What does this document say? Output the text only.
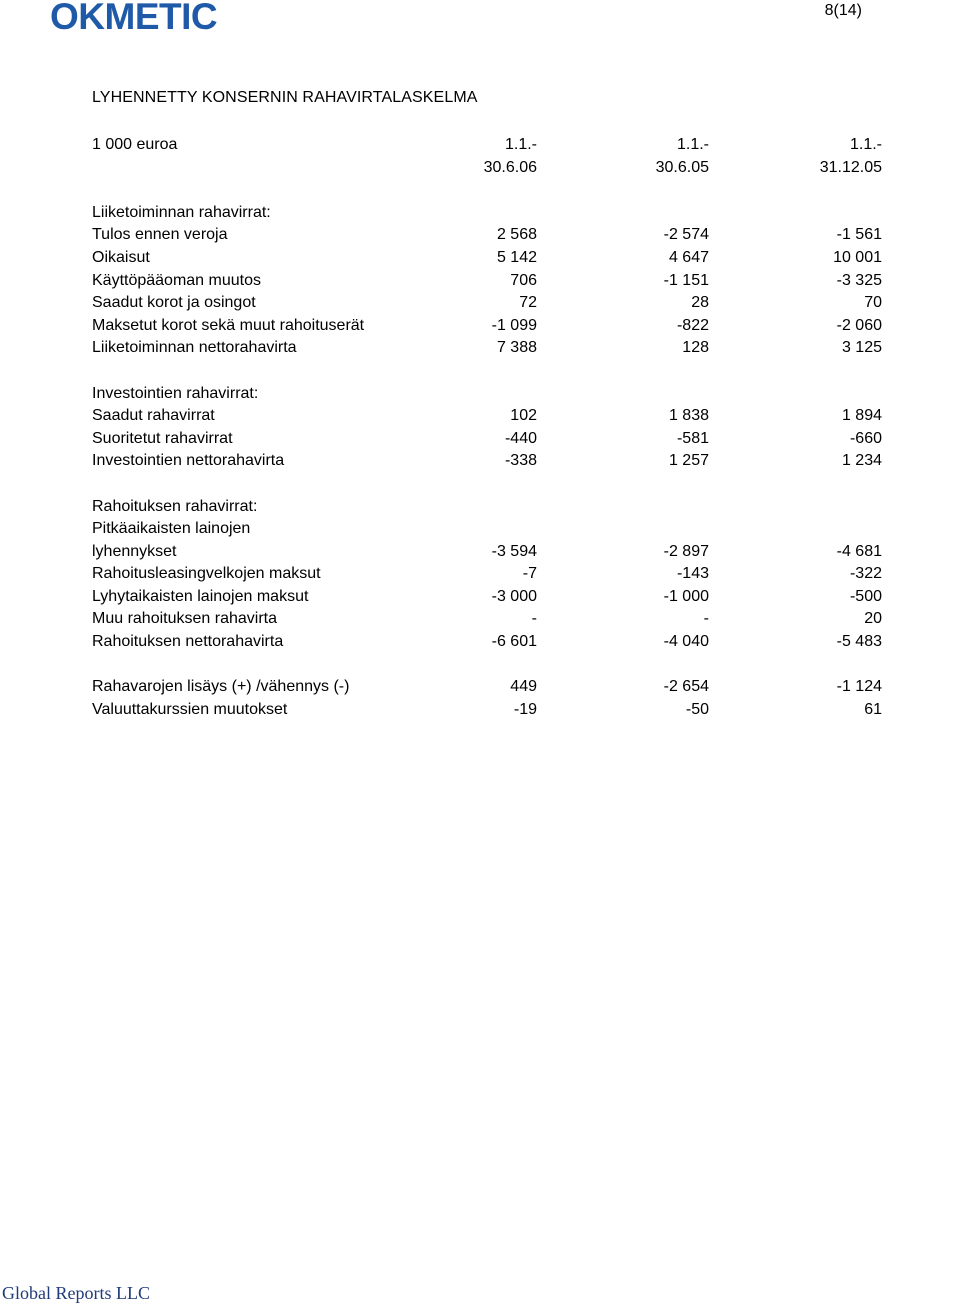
OKMETIC	8(14)
LYHENNETTY KONSERNIN RAHAVIRTALASKELMA
1 000 euroa	1.1.-	1.1.-	1.1.-
30.6.06	30.6.05	31.12.05
Liiketoiminnan rahavirrat:
Tulos ennen veroja	2 568	-2 574	-1 561
Oikaisut	5 142	4 647	10 001
Käyttöpääoman muutos	706	-1 151	-3 325
Saadut korot ja osingot	72	28	70
Maksetut korot sekä muut rahoituserät	-1 099	-822	-2 060
Liiketoiminnan nettorahavirta	7 388	128	3 125
Investointien rahavirrat:
Saadut rahavirrat	102	1 838	1 894
Suoritetut rahavirrat	-440	-581	-660
Investointien nettorahavirta	-338	1 257	1 234
Rahoituksen rahavirrat:
Pitkäaikaisten lainojen
lyhennykset	-3 594	-2 897	-4 681
Rahoitusleasingvelkojen maksut	-7	-143	-322
Lyhytaikaisten lainojen maksut	-3 000	-1 000	-500
Muu rahoituksen rahavirta	-	-	20
Rahoituksen nettorahavirta	-6 601	-4 040	-5 483
Rahavarojen lisäys (+) /vähennys (-)	449	-2 654	-1 124
Valuuttakurssien muutokset	-19	-50	61
Global Reports LLC
